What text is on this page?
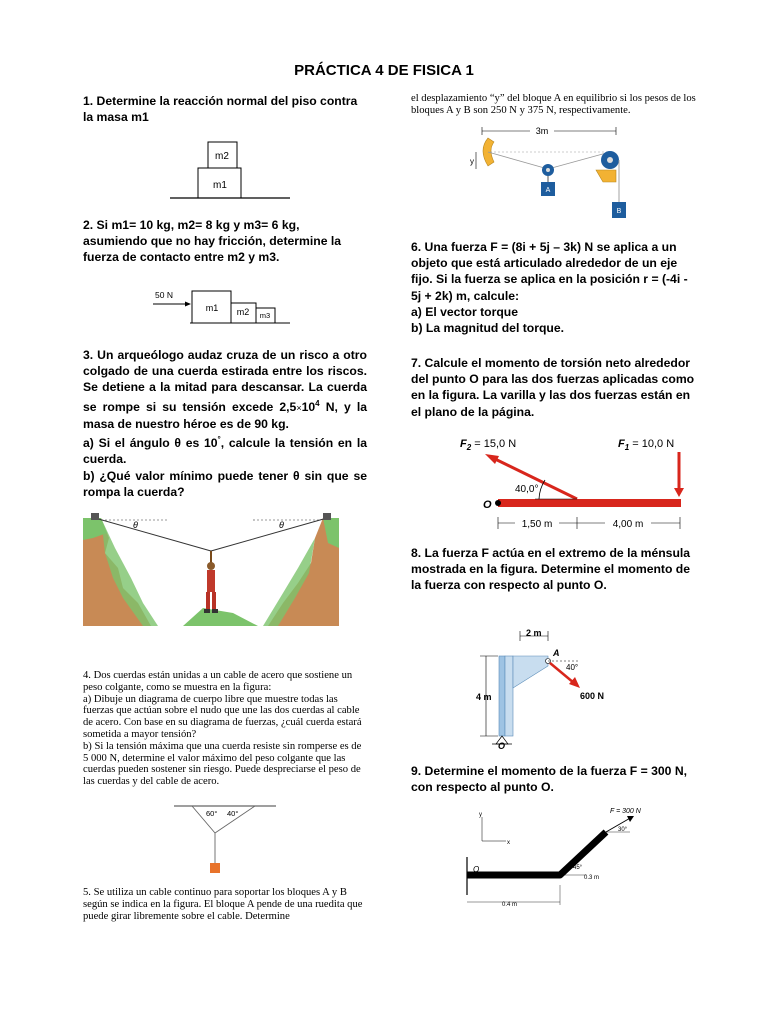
PRÁCTICA 4 DE FISICA 1
1. Determine la reacción normal del piso contra la masa m1
m2
m1
2. Si m1= 10 kg, m2= 8 kg y m3= 6 kg, asumiendo que no hay fricción, determine la fuerza de contacto entre m2 y m3.
50 N
m1 m2 m3
3. Un arqueólogo audaz cruza de un risco a otro colgado de una cuerda estirada entre los riscos. Se detiene a la mitad para descansar. La cuerda se rompe si su tensión excede $2,5\times 10^4$ N, y la masa de nuestro héroe es de 90 kg.
a) Si el ángulo θ es 10°, calcule la tensión en la cuerda.
b) ¿Qué valor mínimo puede tener θ sin que se rompa la cuerda?
θ	θ
4. Dos cuerdas están unidas a un cable de acero que sostiene un peso colgante, como se muestra en la figura:
a) Dibuje un diagrama de cuerpo libre que muestre todas las fuerzas que actúan sobre el nudo que une las dos cuerdas al cable de acero. Con base en su diagrama de fuerzas, ¿cuál cuerda estará sometida a mayor tensión?
b) Si la tensión máxima que una cuerda resiste sin romperse es de 5 000 N, determine el valor máximo del peso colgante que las cuerdas pueden sostener sin riesgo. Puede despreciarse el peso de las cuerdas y del cable de acero.
60° 40°
5. Se utiliza un cable continuo para soportar los bloques A y B según se indica en la figura. El bloque A pende de una ruedita que puede girar libremente sobre el cable. Determine
el desplazamiento “y” del bloque A en equilibrio si los pesos de los bloques A y B son 250 N y 375 N, respectivamente.
3m
y
A
B
6. Una fuerza F = (8i + 5j – 3k) N se aplica a un objeto que está articulado alrededor de un eje fijo. Si la fuerza se aplica en la posición r = (-4i - 5j + 2k) m, calcule:
a) El vector torque
b) La magnitud del torque.
7. Calcule el momento de torsión neto alrededor del punto O para las dos fuerzas aplicadas como en la figura. La varilla y las dos fuerzas están en el plano de la página.
$F_2 = 15,0$ N	$F_1 = 10,0$ N
O
40,0°
1,50 m	4,00 m
8. La fuerza F actúa en el extremo de la ménsula mostrada en la figura. Determine el momento de la fuerza con respecto al punto O.
2 m
4 m
A
40°
600 N
O
9. Determine el momento de la fuerza F = 300 N, con respecto al punto O.
y
x
O
F = 300 N
30°
45°
0.3 m
0.4 m
